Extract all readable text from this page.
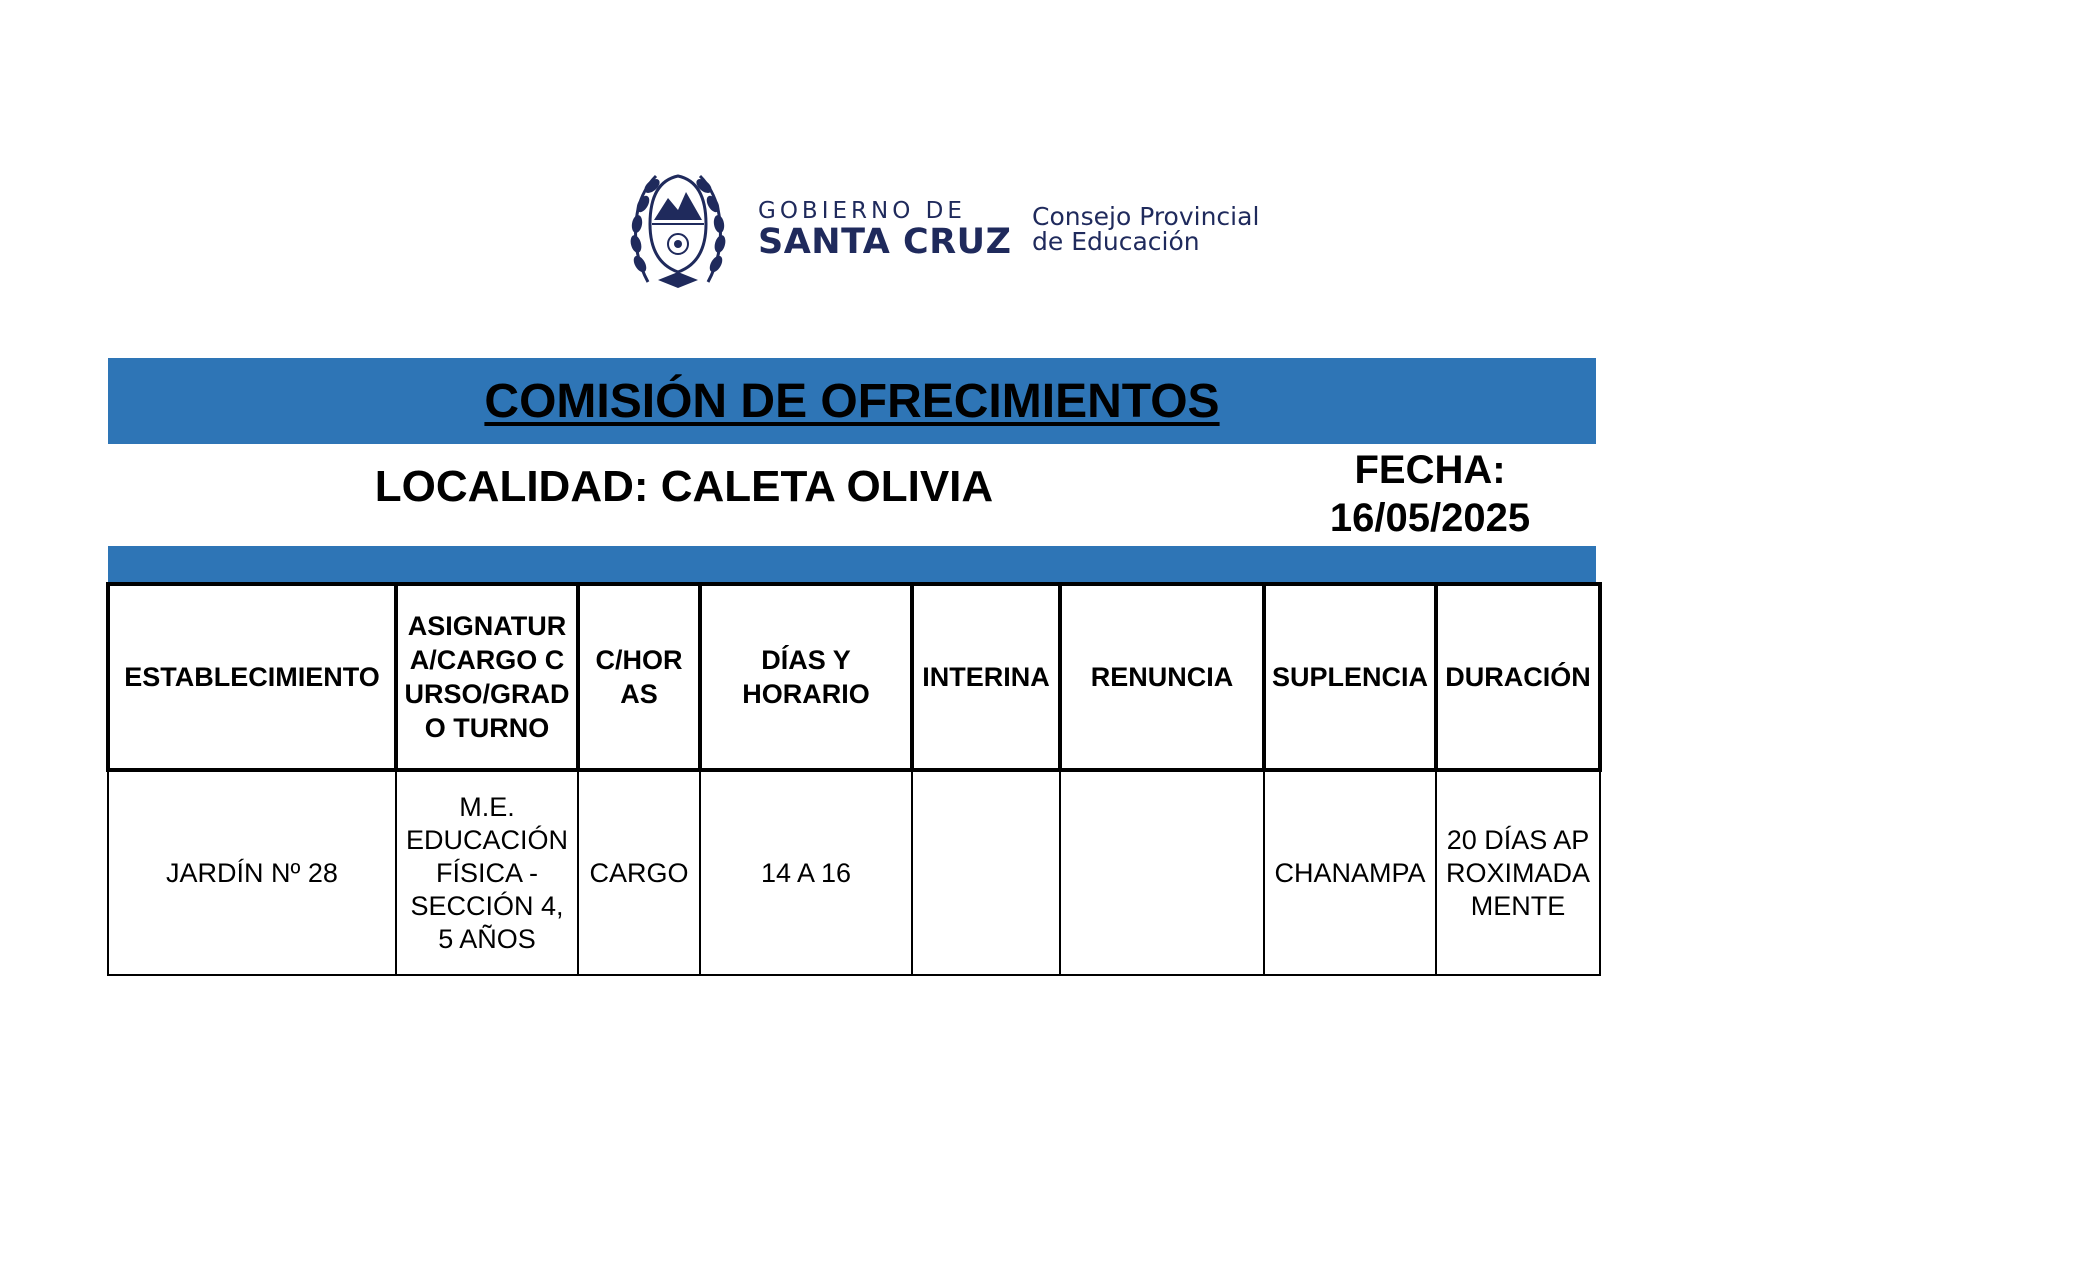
GOBIERNO DE
SANTA CRUZ
Consejo Provincial
de Educación
COMISIÓN DE OFRECIMIENTOS
LOCALIDAD: CALETA OLIVIA	FECHA:
16/05/2025
ESTABLECIMIENTO	ASIGNATURA/CARGO CURSO/GRADO TURNO	C/HORAS	DÍAS Y HORARIO	INTERINA	RENUNCIA	SUPLENCIA	DURACIÓN
JARDÍN Nº 28	M.E. EDUCACIÓN FÍSICA - SECCIÓN 4, 5 AÑOS	CARGO	14 A 16			CHANAMPA	20 DÍAS APROXIMADAMENTE
